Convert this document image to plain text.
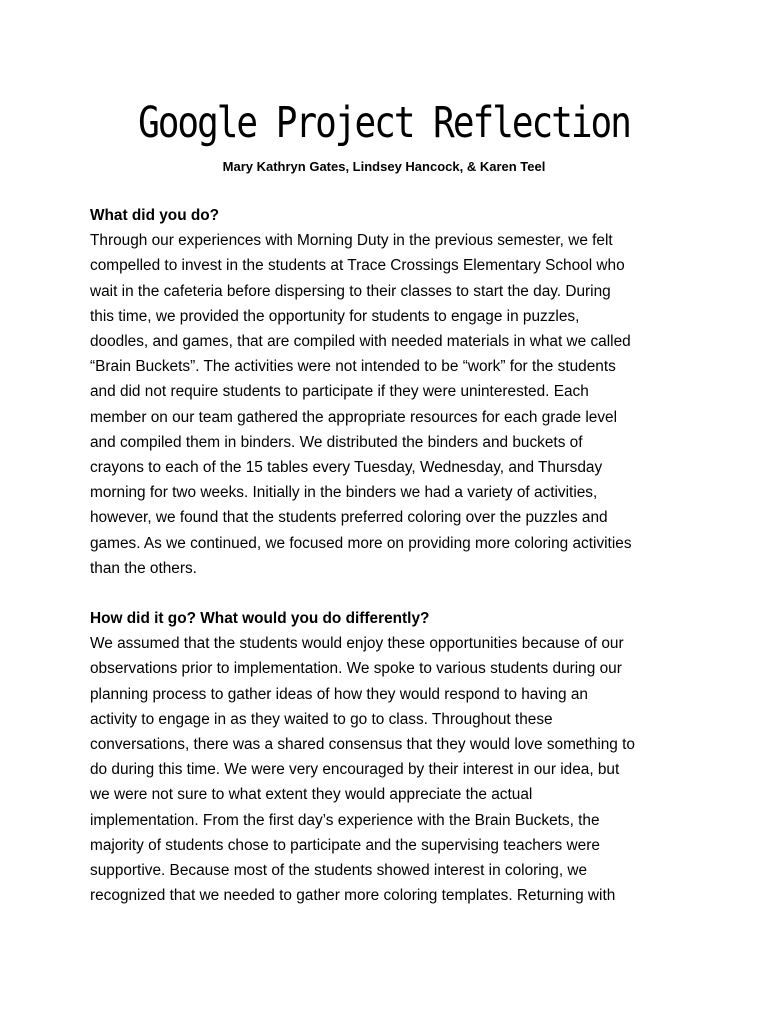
Google Project Reflection
Mary Kathryn Gates, Lindsey Hancock, & Karen Teel
What did you do?
Through our experiences with Morning Duty in the previous semester, we felt
compelled to invest in the students at Trace Crossings Elementary School who
wait in the cafeteria before dispersing to their classes to start the day. During
this time, we provided the opportunity for students to engage in puzzles,
doodles, and games, that are compiled with needed materials in what we called
“Brain Buckets”. The activities were not intended to be “work” for the students
and did not require students to participate if they were uninterested. Each
member on our team gathered the appropriate resources for each grade level
and compiled them in binders. We distributed the binders and buckets of
crayons to each of the 15 tables every Tuesday, Wednesday, and Thursday
morning for two weeks. Initially in the binders we had a variety of activities,
however, we found that the students preferred coloring over the puzzles and
games. As we continued, we focused more on providing more coloring activities
than the others.
How did it go? What would you do differently?
We assumed that the students would enjoy these opportunities because of our
observations prior to implementation. We spoke to various students during our
planning process to gather ideas of how they would respond to having an
activity to engage in as they waited to go to class. Throughout these
conversations, there was a shared consensus that they would love something to
do during this time. We were very encouraged by their interest in our idea, but
we were not sure to what extent they would appreciate the actual
implementation. From the first day’s experience with the Brain Buckets, the
majority of students chose to participate and the supervising teachers were
supportive. Because most of the students showed interest in coloring, we
recognized that we needed to gather more coloring templates. Returning with
